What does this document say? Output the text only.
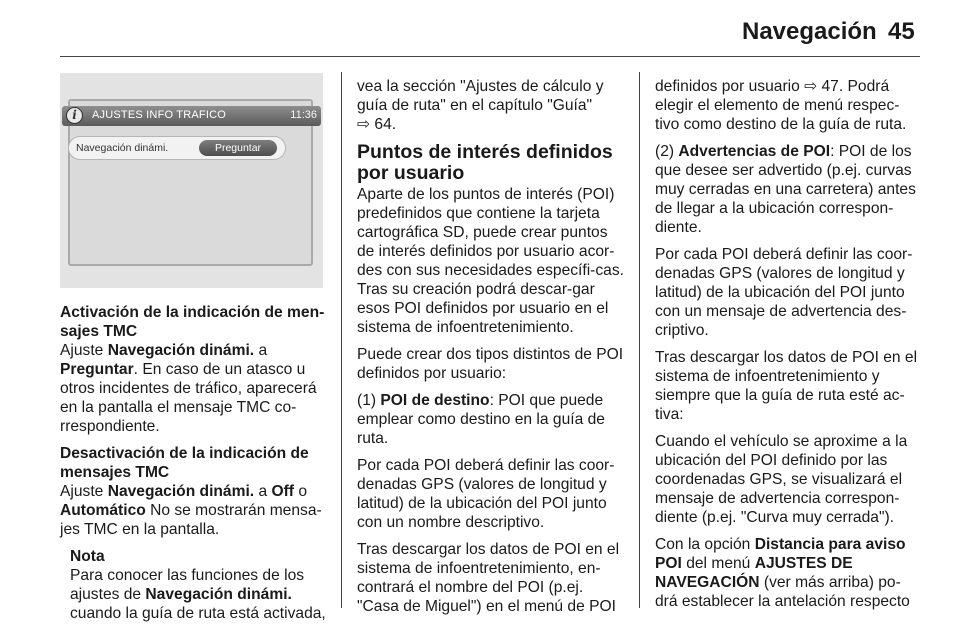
Navegación 45
i	AJUSTES INFO TRAFICO	11:36
Navegación dinámi.	Preguntar

Activación de la indicación de men-sajes TMC
Ajuste Navegación dinámi. a
Preguntar. En caso de un atasco u otros incidentes de tráfico, aparecerá en la pantalla el mensaje TMC co-rrespondiente.

Desactivación de la indicación de mensajes TMC
Ajuste Navegación dinámi. a Off o
Automático No se mostrarán mensa-jes TMC en la pantalla.

Nota
Para conocer las funciones de los ajustes de Navegación dinámi.
cuando la guía de ruta está activada,

vea la sección "Ajustes de cálculo y guía de ruta" en el capítulo "Guía"
⇨ 64.

Puntos de interés definidos por usuario

Aparte de los puntos de interés (POI) predefinidos que contiene la tarjeta cartográfica SD, puede crear puntos de interés definidos por usuario acor-des con sus necesidades específi-cas. Tras su creación podrá descar-gar esos POI definidos por usuario en el sistema de infoentretenimiento.

Puede crear dos tipos distintos de POI definidos por usuario:

(1) POI de destino: POI que puede emplear como destino en la guía de ruta.

Por cada POI deberá definir las coor-denadas GPS (valores de longitud y latitud) de la ubicación del POI junto con un nombre descriptivo.

Tras descargar los datos de POI en el sistema de infoentretenimiento, en-contrará el nombre del POI (p.ej. "Casa de Miguel") en el menú de POI

definidos por usuario ⇨ 47. Podrá elegir el elemento de menú respec-tivo como destino de la guía de ruta.

(2) Advertencias de POI: POI de los que desee ser advertido (p.ej. curvas muy cerradas en una carretera) antes de llegar a la ubicación correspon-diente.

Por cada POI deberá definir las coor-denadas GPS (valores de longitud y latitud) de la ubicación del POI junto con un mensaje de advertencia des-criptivo.

Tras descargar los datos de POI en el sistema de infoentretenimiento y siempre que la guía de ruta esté ac-tiva:

Cuando el vehículo se aproxime a la ubicación del POI definido por las coordenadas GPS, se visualizará el mensaje de advertencia correspon-diente (p.ej. "Curva muy cerrada").

Con la opción Distancia para aviso POI del menú AJUSTES DE NAVEGACIÓN (ver más arriba) po-drá establecer la antelación respecto
